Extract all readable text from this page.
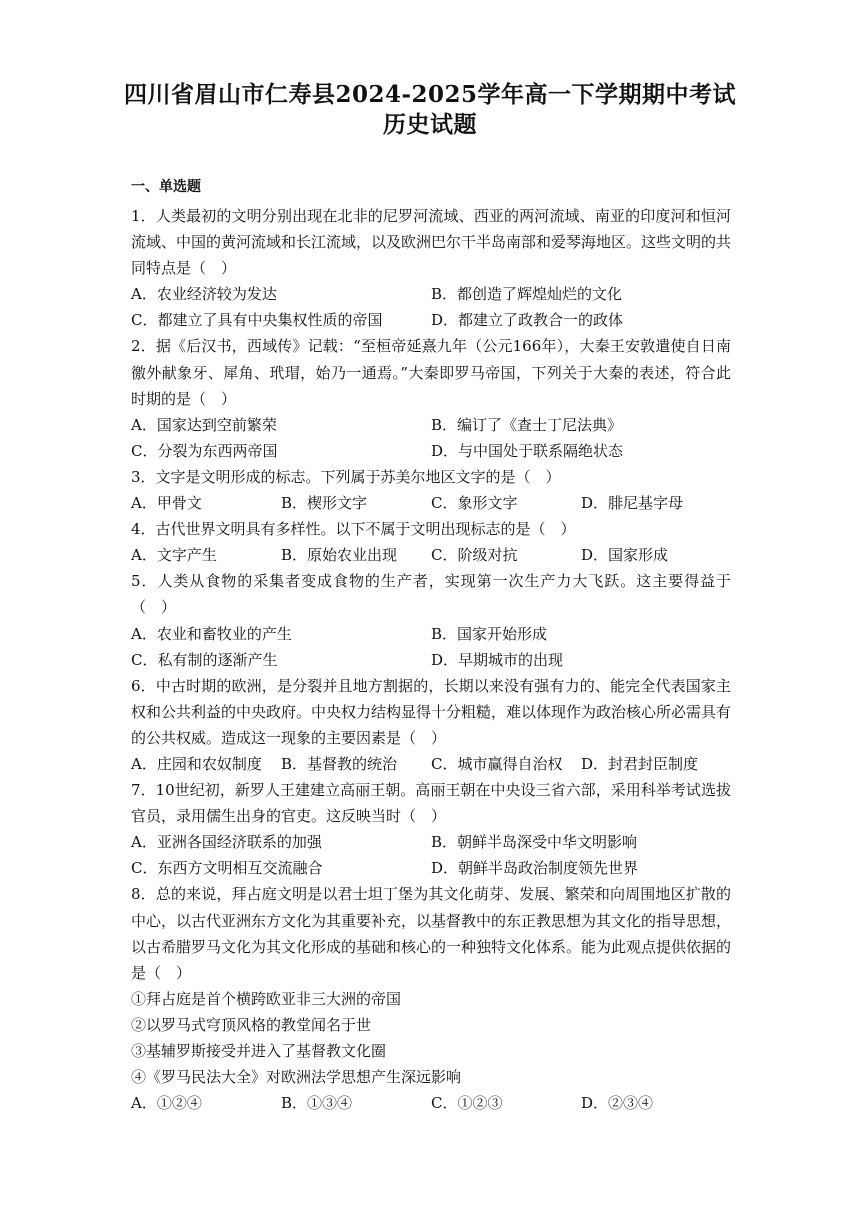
四川省眉山市仁寿县2024-2025学年高一下学期期中考试
历史试题
一、单选题
1．人类最初的文明分别出现在北非的尼罗河流域、西亚的两河流域、南亚的印度河和恒河流域、中国的黄河流域和长江流域，以及欧洲巴尔干半岛南部和爱琴海地区。这些文明的共同特点是（　）
A．农业经济较为发达	B．都创造了辉煌灿烂的文化
C．都建立了具有中央集权性质的帝国	D．都建立了政教合一的政体
2．据《后汉书，西域传》记载：“至桓帝延熹九年（公元166年），大秦王安敦遣使自日南徼外献象牙、犀角、玳瑁，始乃一通焉。”大秦即罗马帝国，下列关于大秦的表述，符合此时期的是（　）
A．国家达到空前繁荣	B．编订了《查士丁尼法典》
C．分裂为东西两帝国	D．与中国处于联系隔绝状态
3．文字是文明形成的标志。下列属于苏美尔地区文字的是（　）
A．甲骨文	B．楔形文字	C．象形文字	D．腓尼基字母
4．古代世界文明具有多样性。以下不属于文明出现标志的是（　）
A．文字产生	B．原始农业出现	C．阶级对抗	D．国家形成
5．人类从食物的采集者变成食物的生产者，实现第一次生产力大飞跃。这主要得益于（　）
A．农业和畜牧业的产生	B．国家开始形成
C．私有制的逐渐产生	D．早期城市的出现
6．中古时期的欧洲，是分裂并且地方割据的，长期以来没有强有力的、能完全代表国家主权和公共利益的中央政府。中央权力结构显得十分粗糙，难以体现作为政治核心所必需具有的公共权威。造成这一现象的主要因素是（　）
A．庄园和农奴制度	B．基督教的统治	C．城市赢得自治权	D．封君封臣制度
7．10世纪初，新罗人王建建立高丽王朝。高丽王朝在中央设三省六部，采用科举考试选拔官员，录用儒生出身的官吏。这反映当时（　）
A．亚洲各国经济联系的加强	B．朝鲜半岛深受中华文明影响
C．东西方文明相互交流融合	D．朝鲜半岛政治制度领先世界
8．总的来说，拜占庭文明是以君士坦丁堡为其文化萌芽、发展、繁荣和向周围地区扩散的中心，以古代亚洲东方文化为其重要补充，以基督教中的东正教思想为其文化的指导思想，以古希腊罗马文化为其文化形成的基础和核心的一种独特文化体系。能为此观点提供依据的是（　）
①拜占庭是首个横跨欧亚非三大洲的帝国
②以罗马式穹顶风格的教堂闻名于世
③基辅罗斯接受并进入了基督教文化圈
④《罗马民法大全》对欧洲法学思想产生深远影响
A．①②④	B．①③④	C．①②③	D．②③④
